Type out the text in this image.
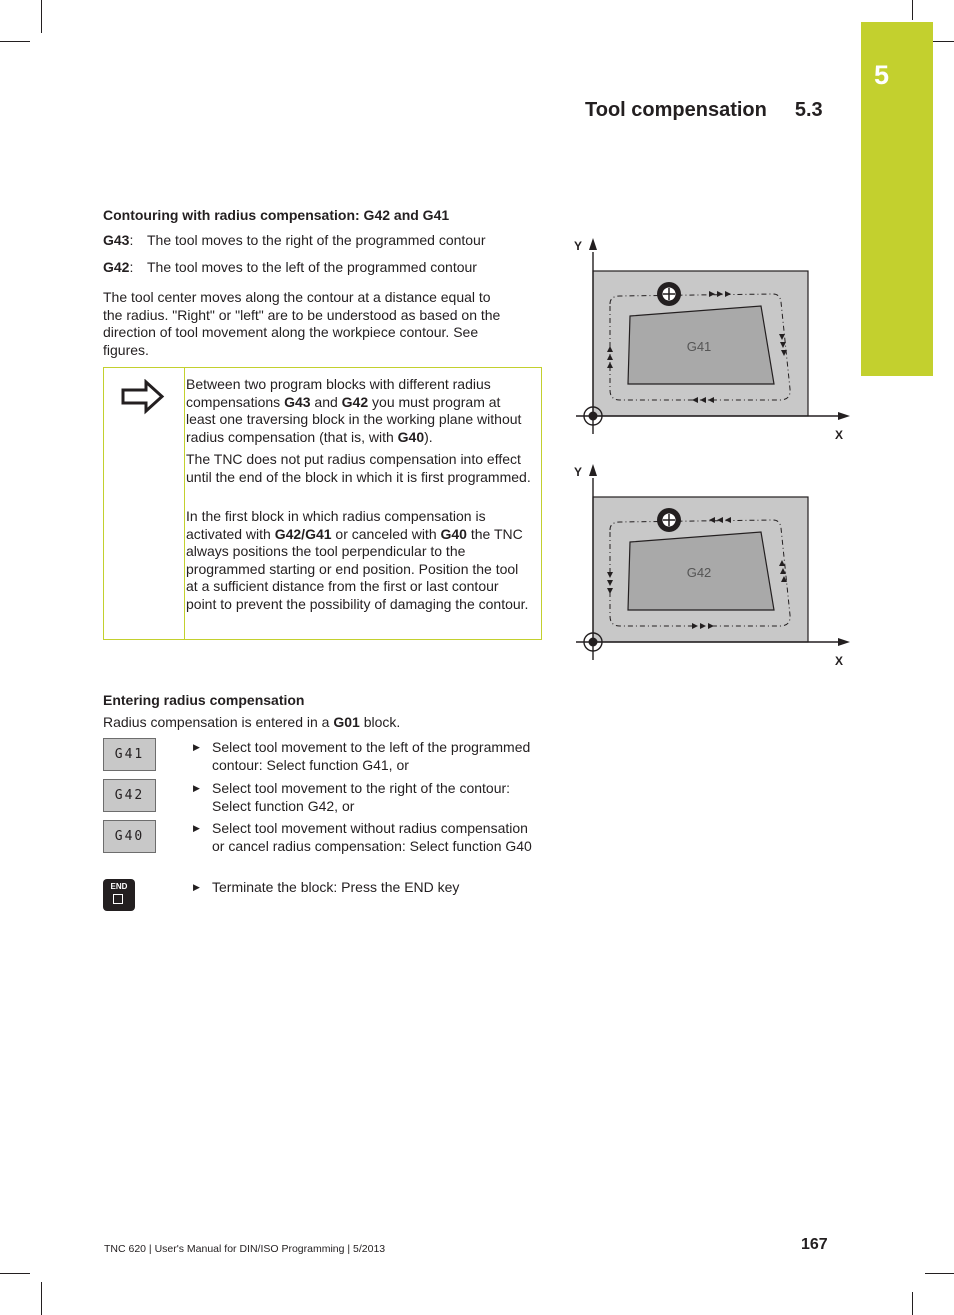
5
Tool compensation 5.3
Contouring with radius compensation: G42 and G41
G43: The tool moves to the right of the programmed contour
G42: The tool moves to the left of the programmed contour
The tool center moves along the contour at a distance equal to
the radius. "Right" or "left" are to be understood as based on the
direction of tool movement along the workpiece contour. See
figures.

Between two program blocks with different radius compensations G43 and G42 you must program at least one traversing block in the working plane without radius compensation (that is, with G40).

The TNC does not put radius compensation into effect until the end of the block in which it is first programmed.

In the first block in which radius compensation is activated with G42/G41 or canceled with G40 the TNC always positions the tool perpendicular to the programmed starting or end position. Position the tool at a sufficient distance from the first or last contour point to prevent the possibility of damaging the contour.

G41
Y
X
G42
Y
X
Entering radius compensation
Radius compensation is entered in a G01 block.
G41
G42
G40
END
▶ Select tool movement to the left of the programmed contour: Select function G41, or
▶ Select tool movement to the right of the contour: Select function G42, or
▶ Select tool movement without radius compensation or cancel radius compensation: Select function G40
▶ Terminate the block: Press the END key
TNC 620 | User's Manual for DIN/ISO Programming | 5/2013	167
